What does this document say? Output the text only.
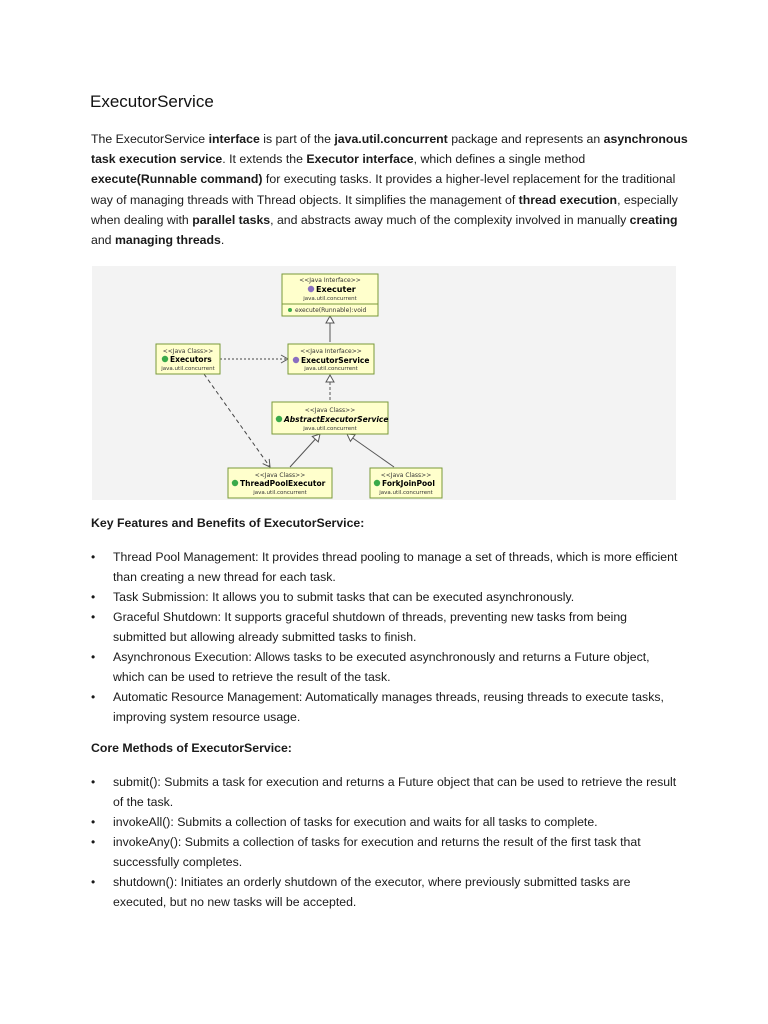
ExecutorService

The ExecutorService interface is part of the java.util.concurrent package and represents an asynchronous task execution service. It extends the Executor interface, which defines a single method execute(Runnable command) for executing tasks. It provides a higher-level replacement for the traditional way of managing threads with Thread objects. It simplifies the management of thread execution, especially when dealing with parallel tasks, and abstracts away much of the complexity involved in manually creating and managing threads.

<<Java Interface>>
Executer
java.util.concurrent
execute(Runnable):void
<<Java Class>>
Executors
java.util.concurrent
<<Java Interface>>
ExecutorService
java.util.concurrent
<<Java Class>>
AbstractExecutorService
java.util.concurrent
<<Java Class>>
ThreadPoolExecutor
java.util.concurrent
<<Java Class>>
ForkJoinPool
java.util.concurrent
Key Features and Benefits of ExecutorService:
•	Thread Pool Management: It provides thread pooling to manage a set of threads, which is more efficient than creating a new thread for each task.
•	Task Submission: It allows you to submit tasks that can be executed asynchronously.
•	Graceful Shutdown: It supports graceful shutdown of threads, preventing new tasks from being submitted but allowing already submitted tasks to finish.
•	Asynchronous Execution: Allows tasks to be executed asynchronously and returns a Future object, which can be used to retrieve the result of the task.
•	Automatic Resource Management: Automatically manages threads, reusing threads to execute tasks, improving system resource usage.
Core Methods of ExecutorService:
•	submit(): Submits a task for execution and returns a Future object that can be used to retrieve the result of the task.
•	invokeAll(): Submits a collection of tasks for execution and waits for all tasks to complete.
•	invokeAny(): Submits a collection of tasks for execution and returns the result of the first task that successfully completes.
•	shutdown(): Initiates an orderly shutdown of the executor, where previously submitted tasks are executed, but no new tasks will be accepted.
